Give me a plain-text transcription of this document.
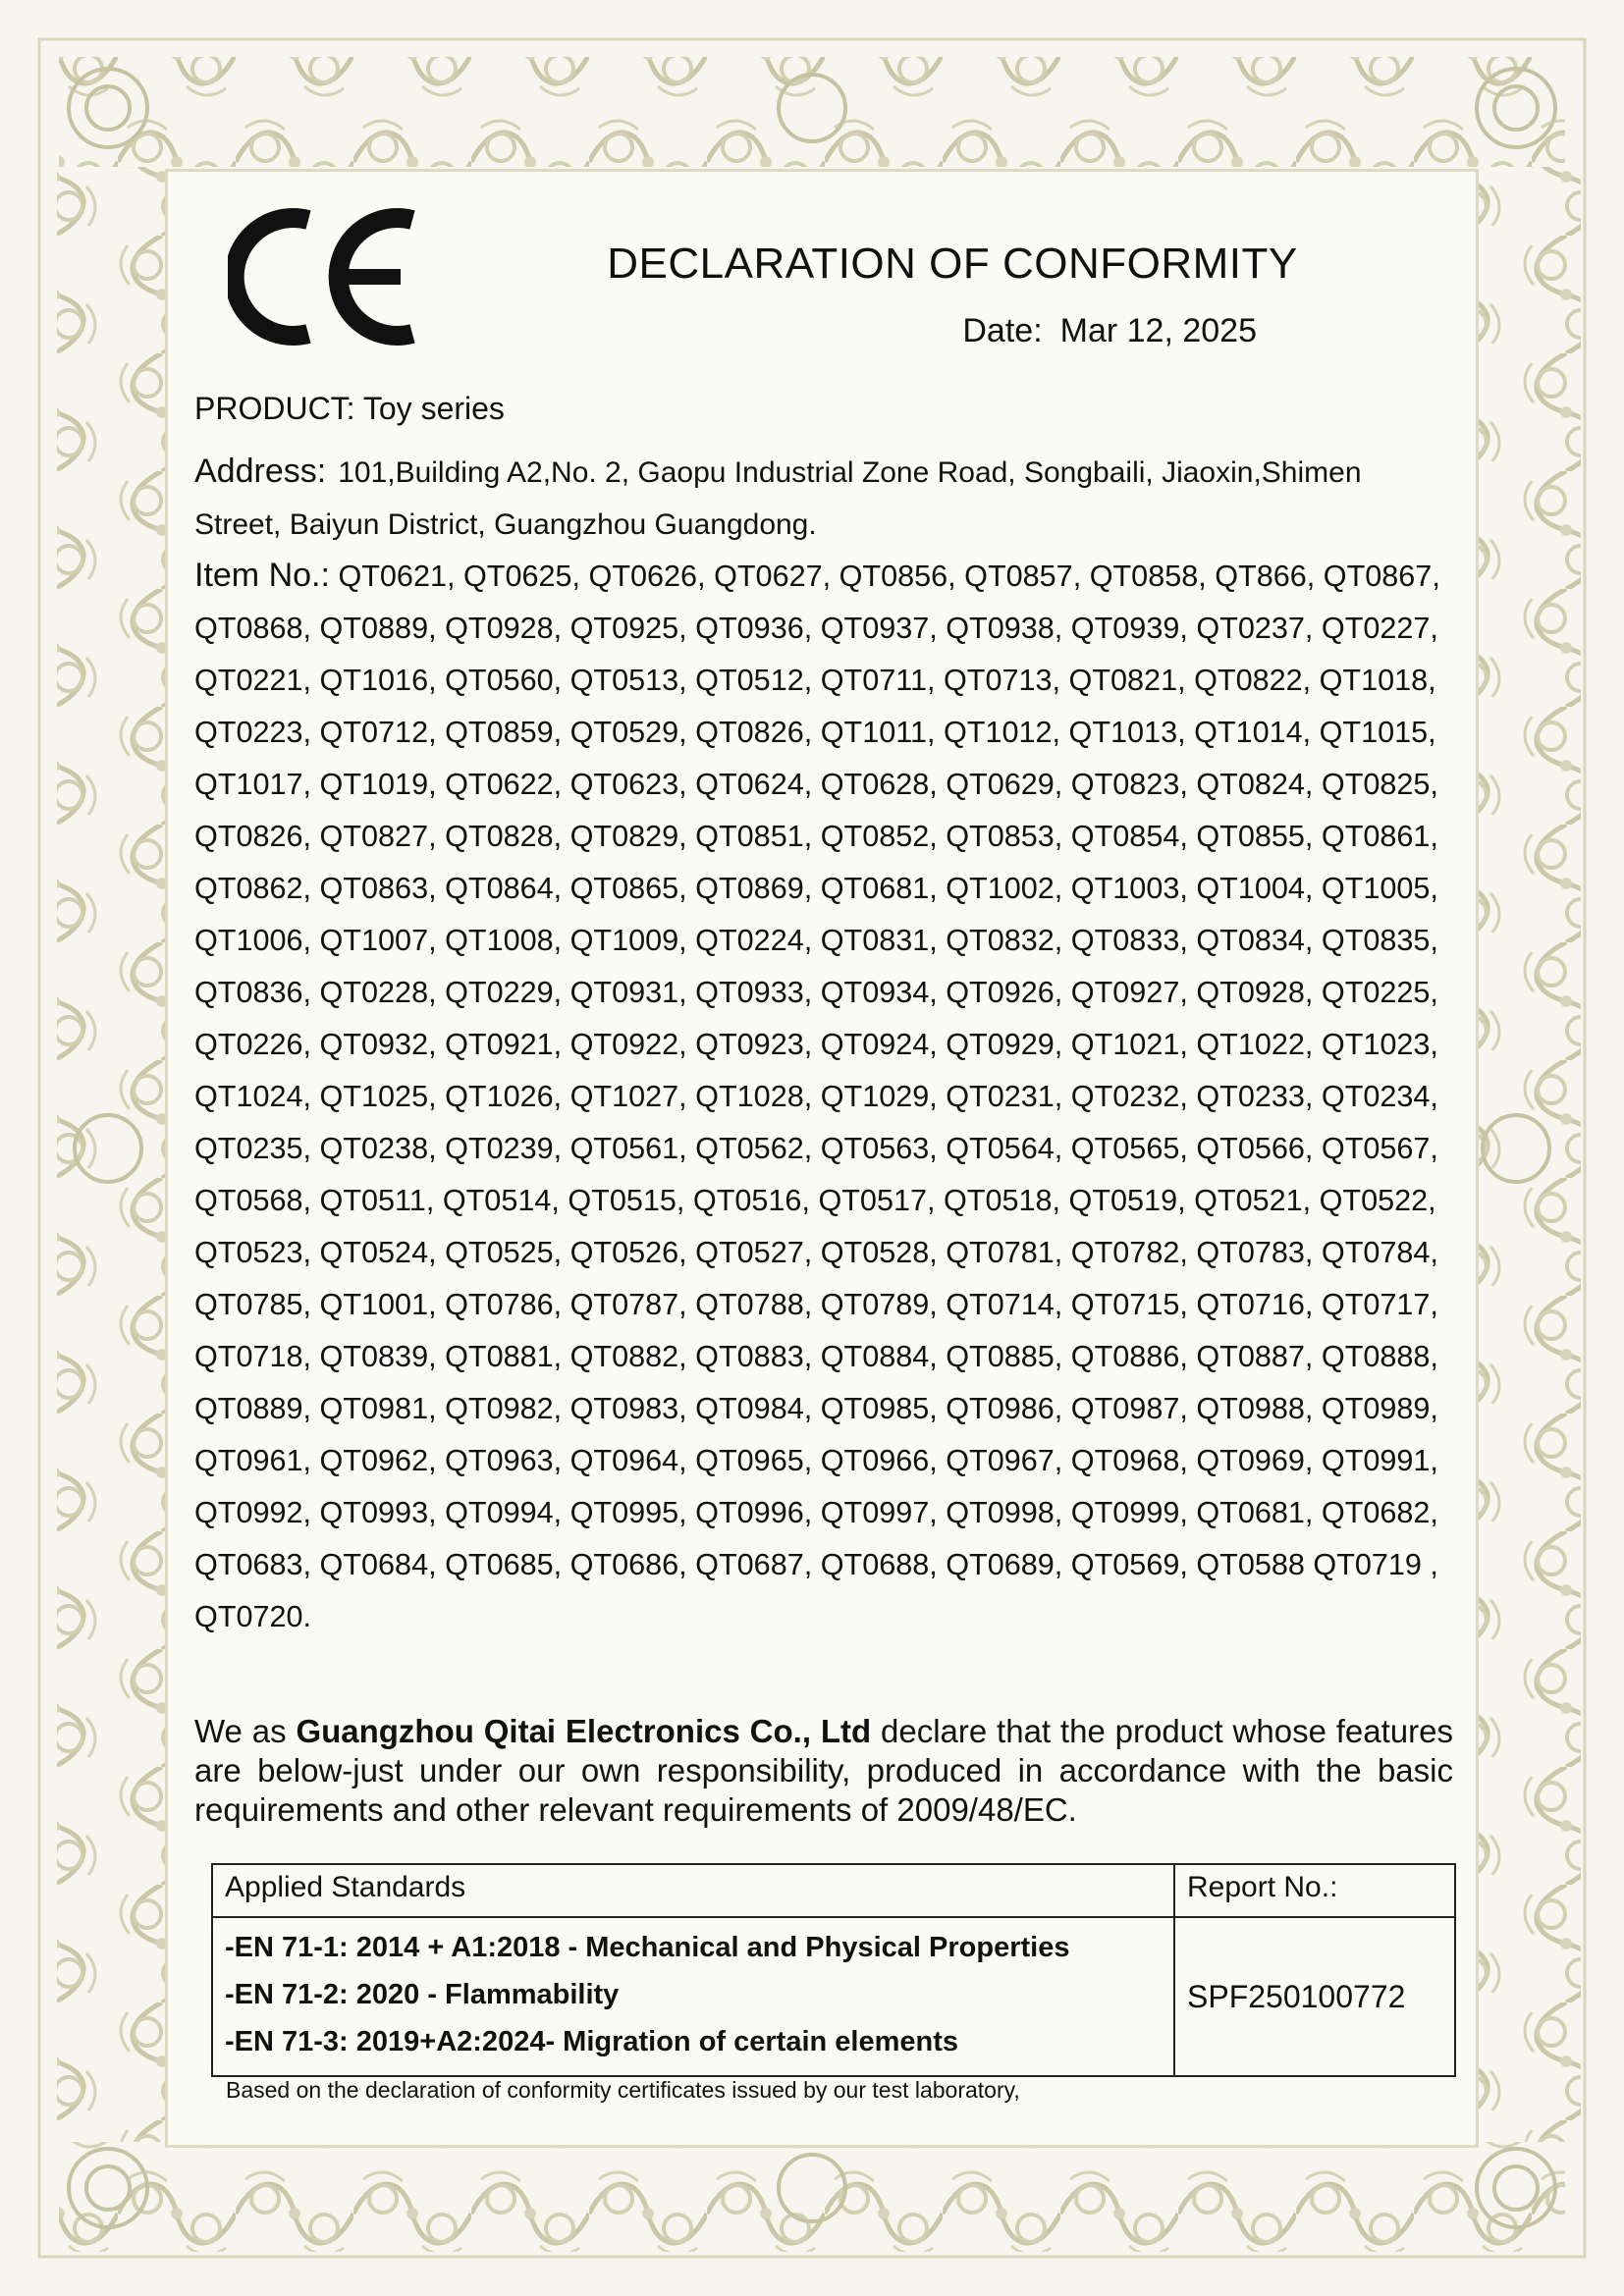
DECLARATION OF CONFORMITY
Date: Mar 12, 2025
PRODUCT: Toy series
Address: 101,Building A2,No. 2, Gaopu Industrial Zone Road, Songbaili, Jiaoxin,Shimen Street, Baiyun District, Guangzhou Guangdong.
Item No.: QT0621, QT0625, QT0626, QT0627, QT0856, QT0857, QT0858, QT866, QT0867, QT0868, QT0889, QT0928, QT0925, QT0936, QT0937, QT0938, QT0939, QT0237, QT0227, QT0221, QT1016, QT0560, QT0513, QT0512, QT0711, QT0713, QT0821, QT0822, QT1018, QT0223, QT0712, QT0859, QT0529, QT0826, QT1011, QT1012, QT1013, QT1014, QT1015, QT1017, QT1019, QT0622, QT0623, QT0624, QT0628, QT0629, QT0823, QT0824, QT0825, QT0826, QT0827, QT0828, QT0829, QT0851, QT0852, QT0853, QT0854, QT0855, QT0861, QT0862, QT0863, QT0864, QT0865, QT0869, QT0681, QT1002, QT1003, QT1004, QT1005, QT1006, QT1007, QT1008, QT1009, QT0224, QT0831, QT0832, QT0833, QT0834, QT0835, QT0836, QT0228, QT0229, QT0931, QT0933, QT0934, QT0926, QT0927, QT0928, QT0225, QT0226, QT0932, QT0921, QT0922, QT0923, QT0924, QT0929, QT1021, QT1022, QT1023, QT1024, QT1025, QT1026, QT1027, QT1028, QT1029, QT0231, QT0232, QT0233, QT0234, QT0235, QT0238, QT0239, QT0561, QT0562, QT0563, QT0564, QT0565, QT0566, QT0567, QT0568, QT0511, QT0514, QT0515, QT0516, QT0517, QT0518, QT0519, QT0521, QT0522, QT0523, QT0524, QT0525, QT0526, QT0527, QT0528, QT0781, QT0782, QT0783, QT0784, QT0785, QT1001, QT0786, QT0787, QT0788, QT0789, QT0714, QT0715, QT0716, QT0717, QT0718, QT0839, QT0881, QT0882, QT0883, QT0884, QT0885, QT0886, QT0887, QT0888, QT0889, QT0981, QT0982, QT0983, QT0984, QT0985, QT0986, QT0987, QT0988, QT0989, QT0961, QT0962, QT0963, QT0964, QT0965, QT0966, QT0967, QT0968, QT0969, QT0991, QT0992, QT0993, QT0994, QT0995, QT0996, QT0997, QT0998, QT0999, QT0681, QT0682, QT0683, QT0684, QT0685, QT0686, QT0687, QT0688, QT0689, QT0569, QT0588 QT0719 , QT0720.
We as Guangzhou Qitai Electronics Co., Ltd declare that the product whose features are below-just under our own responsibility, produced in accordance with the basic requirements and other relevant requirements of 2009/48/EC.
Applied Standards	Report No.:

-EN 71-1: 2014 + A1:2018 - Mechanical and Physical Properties
-EN 71-2: 2020 - Flammability
-EN 71-3: 2019+A2:2024- Migration of certain elements	SPF250100772
Based on the declaration of conformity certificates issued by our test laboratory,
